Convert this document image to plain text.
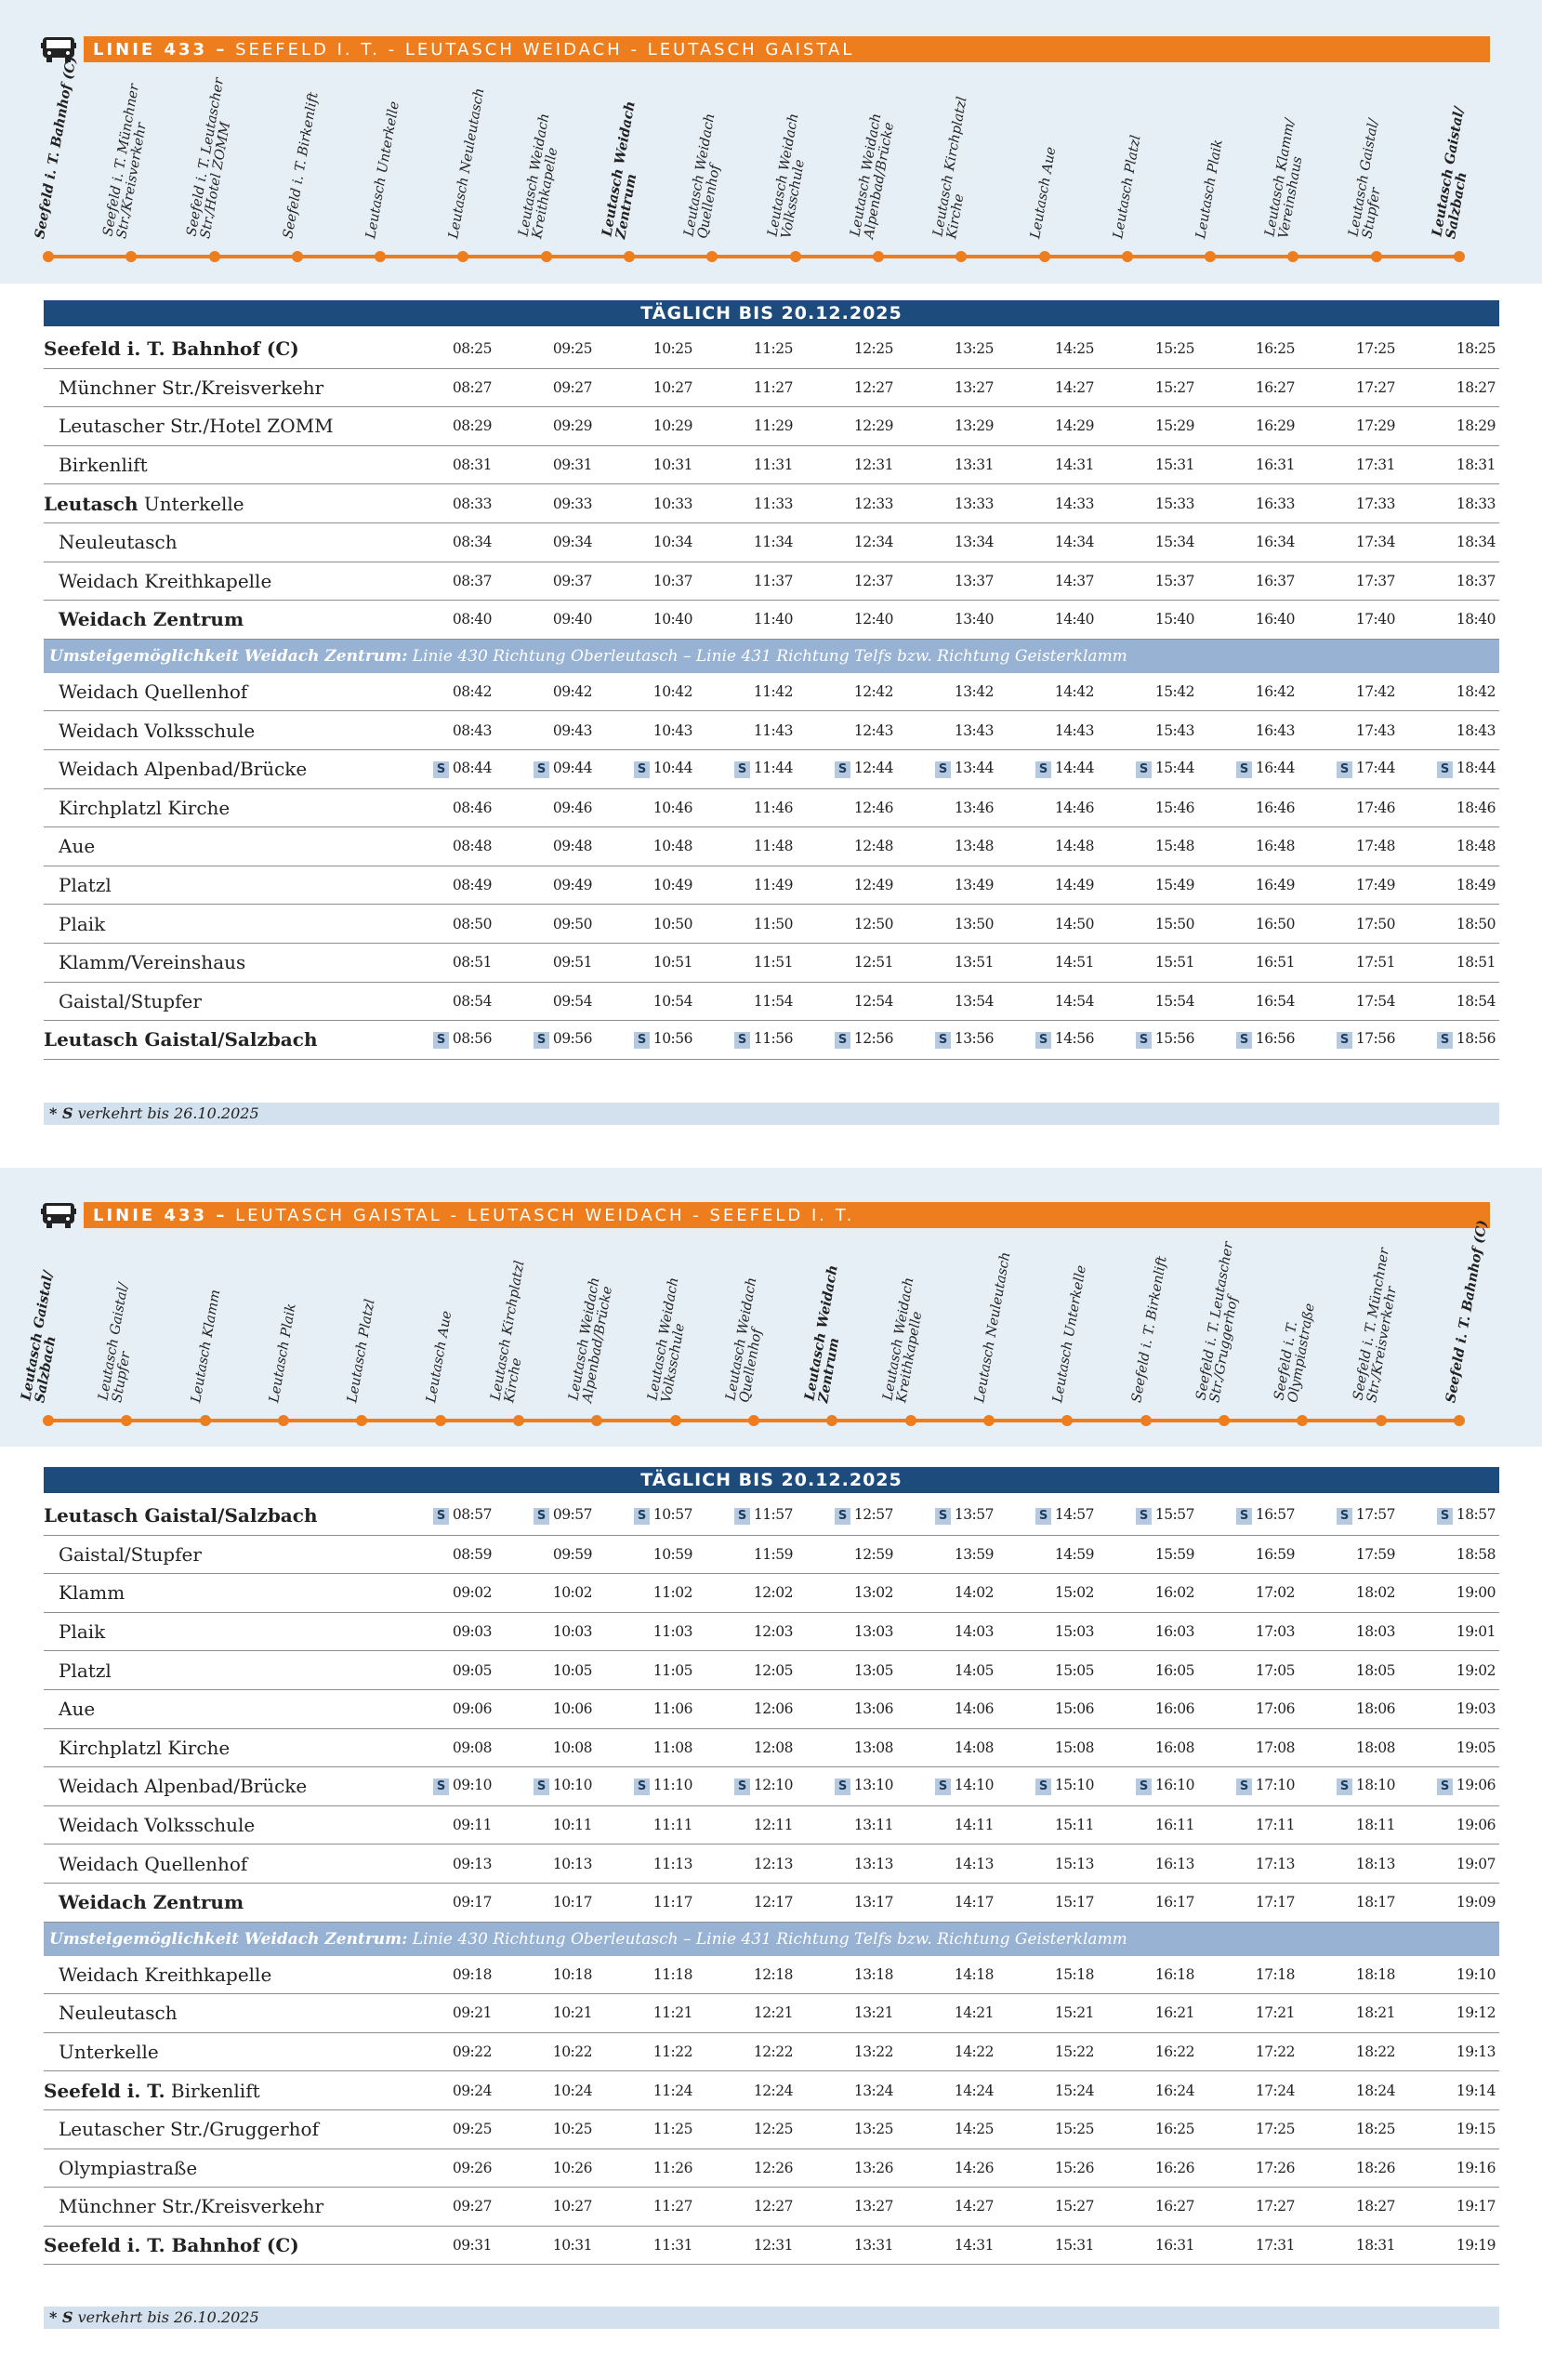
LINIE 433 –
SEEFELD I. T. - LEUTASCH WEIDACH - LEUTASCH GAISTAL
Seefeld i. T. Bahnhof (C) Seefeld i. T. Münchner
Str./Kreisverkehr	Seefeld i. T. Leutascher
Str./Hotel ZOMM	Seefeld i. T. Birkenlift	Leutasch Unterkelle	Leutasch Neuleutasch	Leutasch Weidach
Kreithkapelle	Leutasch Weidach
Zentrum	Leutasch Weidach
Quellenhof	Leutasch Weidach
Volksschule	Leutasch Weidach
Alpenbad/Brücke	Leutasch Kirchplatzl
Kirche	Leutasch Aue	Leutasch Platzl	Leutasch Plaik	Leutasch Klamm/
Vereinshaus	Leutasch Gaistal/
Stupfer	Leutasch Gaistal/
Salzbach
TÄGLICH BIS 20.12.2025
Seefeld i. T. Bahnhof (C)	08:25	09:25	10:25	11:25	12:25	13:25	14:25	15:25	16:25	17:25	18:25
Münchner Str./Kreisverkehr	08:27	09:27	10:27	11:27	12:27	13:27	14:27	15:27	16:27	17:27	18:27
Leutascher Str./Hotel ZOMM	08:29	09:29	10:29	11:29	12:29	13:29	14:29	15:29	16:29	17:29	18:29
Birkenlift	08:31	09:31	10:31	11:31	12:31	13:31	14:31	15:31	16:31	17:31	18:31
Leutasch Unterkelle	08:33	09:33	10:33	11:33	12:33	13:33	14:33	15:33	16:33	17:33	18:33
Neuleutasch	08:34	09:34	10:34	11:34	12:34	13:34	14:34	15:34	16:34	17:34	18:34
Weidach Kreithkapelle	08:37	09:37	10:37	11:37	12:37	13:37	14:37	15:37	16:37	17:37	18:37
Weidach Zentrum	08:40	09:40	10:40	11:40	12:40	13:40	14:40	15:40	16:40	17:40	18:40
Umsteigemöglichkeit Weidach Zentrum: Linie 430 Richtung Oberleutasch – Linie 431 Richtung Telfs bzw. Richtung Geisterklamm											
Weidach Quellenhof	08:42	09:42	10:42	11:42	12:42	13:42	14:42	15:42	16:42	17:42	18:42
Weidach Volksschule	08:43	09:43	10:43	11:43	12:43	13:43	14:43	15:43	16:43	17:43	18:43
Weidach Alpenbad/Brücke	S 08:44	S 09:44	S 10:44	S 11:44	S 12:44	S 13:44	S 14:44	S 15:44	S 16:44	S 17:44	S 18:44
Kirchplatzl Kirche	08:46	09:46	10:46	11:46	12:46	13:46	14:46	15:46	16:46	17:46	18:46
Aue	08:48	09:48	10:48	11:48	12:48	13:48	14:48	15:48	16:48	17:48	18:48
Platzl	08:49	09:49	10:49	11:49	12:49	13:49	14:49	15:49	16:49	17:49	18:49
Plaik	08:50	09:50	10:50	11:50	12:50	13:50	14:50	15:50	16:50	17:50	18:50
Klamm/Vereinshaus	08:51	09:51	10:51	11:51	12:51	13:51	14:51	15:51	16:51	17:51	18:51
Gaistal/Stupfer	08:54	09:54	10:54	11:54	12:54	13:54	14:54	15:54	16:54	17:54	18:54
Leutasch Gaistal/Salzbach	S 08:56	S 09:56	S 10:56	S 11:56	S 12:56	S 13:56	S 14:56	S 15:56	S 16:56	S 17:56	S 18:56
* S verkehrt bis 26.10.2025
LINIE 433 –
LEUTASCH GAISTAL - LEUTASCH WEIDACH - SEEFELD I. T.
Leutasch Gaistal/
Salzbach	Leutasch Gaistal/
Stupfer	Leutasch Klamm	Leutasch Plaik	Leutasch Platzl	Leutasch Aue	Leutasch Kirchplatzl
Kirche	Leutasch Weidach
Alpenbad/Brücke	Leutasch Weidach
Volksschule	Leutasch Weidach
Quellenhof	Leutasch Weidach
Zentrum	Leutasch Weidach
Kreithkapelle	Leutasch Neuleutasch	Leutasch Unterkelle	Seefeld i. T. Birkenlift	Seefeld i. T. Leutascher
Str./Gruggerhof	Seefeld i. T.
Olympiastraße	Seefeld i. T. Münchner
Str./Kreisverkehr	Seefeld i. T. Bahnhof (C)
TÄGLICH BIS 20.12.2025
Leutasch Gaistal/Salzbach	S 08:57	S 09:57	S 10:57	S 11:57	S 12:57	S 13:57	S 14:57	S 15:57	S 16:57	S 17:57	S 18:57
Gaistal/Stupfer	08:59	09:59	10:59	11:59	12:59	13:59	14:59	15:59	16:59	17:59	18:58
Klamm	09:02	10:02	11:02	12:02	13:02	14:02	15:02	16:02	17:02	18:02	19:00
Plaik	09:03	10:03	11:03	12:03	13:03	14:03	15:03	16:03	17:03	18:03	19:01
Platzl	09:05	10:05	11:05	12:05	13:05	14:05	15:05	16:05	17:05	18:05	19:02
Aue	09:06	10:06	11:06	12:06	13:06	14:06	15:06	16:06	17:06	18:06	19:03
Kirchplatzl Kirche	09:08	10:08	11:08	12:08	13:08	14:08	15:08	16:08	17:08	18:08	19:05
Weidach Alpenbad/Brücke	S 09:10	S 10:10	S 11:10	S 12:10	S 13:10	S 14:10	S 15:10	S 16:10	S 17:10	S 18:10	S 19:06
Weidach Volksschule	09:11	10:11	11:11	12:11	13:11	14:11	15:11	16:11	17:11	18:11	19:06
Weidach Quellenhof	09:13	10:13	11:13	12:13	13:13	14:13	15:13	16:13	17:13	18:13	19:07
Weidach Zentrum	09:17	10:17	11:17	12:17	13:17	14:17	15:17	16:17	17:17	18:17	19:09
Umsteigemöglichkeit Weidach Zentrum: Linie 430 Richtung Oberleutasch – Linie 431 Richtung Telfs bzw. Richtung Geisterklamm											
Weidach Kreithkapelle	09:18	10:18	11:18	12:18	13:18	14:18	15:18	16:18	17:18	18:18	19:10
Neuleutasch	09:21	10:21	11:21	12:21	13:21	14:21	15:21	16:21	17:21	18:21	19:12
Unterkelle	09:22	10:22	11:22	12:22	13:22	14:22	15:22	16:22	17:22	18:22	19:13
Seefeld i. T. Birkenlift	09:24	10:24	11:24	12:24	13:24	14:24	15:24	16:24	17:24	18:24	19:14
Leutascher Str./Gruggerhof	09:25	10:25	11:25	12:25	13:25	14:25	15:25	16:25	17:25	18:25	19:15
Olympiastraße	09:26	10:26	11:26	12:26	13:26	14:26	15:26	16:26	17:26	18:26	19:16
Münchner Str./Kreisverkehr	09:27	10:27	11:27	12:27	13:27	14:27	15:27	16:27	17:27	18:27	19:17
Seefeld i. T. Bahnhof (C)	09:31	10:31	11:31	12:31	13:31	14:31	15:31	16:31	17:31	18:31	19:19
* S verkehrt bis 26.10.2025
